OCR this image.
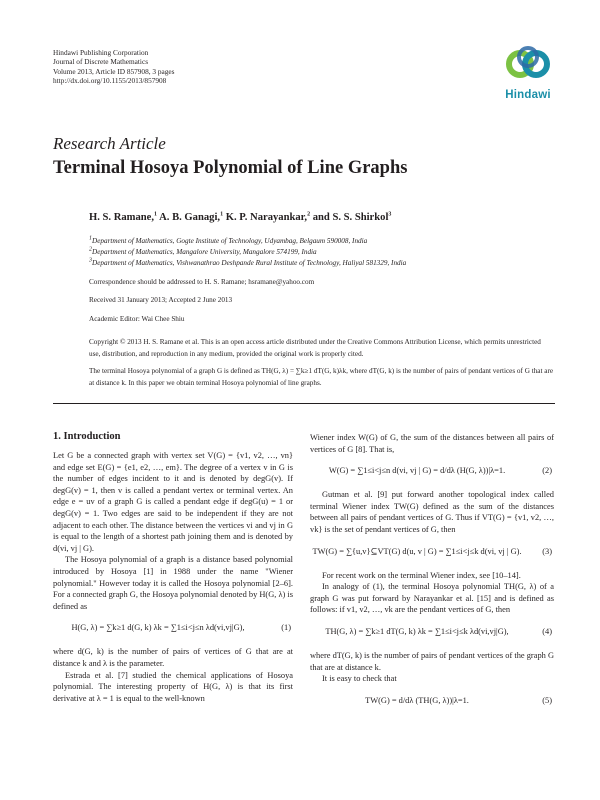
Hindawi Publishing Corporation
Journal of Discrete Mathematics
Volume 2013, Article ID 857908, 3 pages
http://dx.doi.org/10.1155/2013/857908
Hindawi
Research Article
Terminal Hosoya Polynomial of Line Graphs
H. S. Ramane,$^1$ A. B. Ganagi,$^1$ K. P. Narayankar,$^2$ and S. S. Shirkol$^3$
$^1$Department of Mathematics, Gogte Institute of Technology, Udyambag, Belgaum 590008, India
$^2$Department of Mathematics, Mangalore University, Mangalore 574199, India
$^3$Department of Mathematics, Vishwanathrao Deshpande Rural Institute of Technology, Haliyal 581329, India
Correspondence should be addressed to H. S. Ramane; hsramane@yahoo.com
Received 31 January 2013; Accepted 2 June 2013
Academic Editor: Wai Chee Shiu
Copyright © 2013 H. S. Ramane et al. This is an open access article distributed under the Creative Commons Attribution License, which permits unrestricted use, distribution, and reproduction in any medium, provided the original work is properly cited.
The terminal Hosoya polynomial of a graph G is defined as TH(G, λ) = ∑k≥1 dT(G, k)λk, where dT(G, k) is the number of pairs of pendant vertices of G that are at distance k. In this paper we obtain terminal Hosoya polynomial of line graphs.
1. Introduction

Let G be a connected graph with vertex set V(G) = {v1, v2, …, vn} and edge set E(G) = {e1, e2, …, em}. The degree of a vertex v in G is the number of edges incident to it and is denoted by degG(v). If degG(v) = 1, then v is called a pendant vertex or terminal vertex. An edge e = uv of a graph G is called a pendant edge if degG(u) = 1 or degG(v) = 1. Two edges are said to be independent if they are not adjacent to each other. The distance between the vertices vi and vj in G is equal to the length of a shortest path joining them and is denoted by d(vi, vj | G).

The Hosoya polynomial of a graph is a distance based polynomial introduced by Hosoya [1] in 1988 under the name "Wiener polynomial." However today it is called the Hosoya polynomial [2–6]. For a connected graph G, the Hosoya polynomial denoted by H(G, λ) is defined as

H(G, λ) = ∑k≥1 d(G, k) λk = ∑1≤i<j≤n λd(vi,vj|G),	(1)

where d(G, k) is the number of pairs of vertices of G that are at distance k and λ is the parameter.

Estrada et al. [7] studied the chemical applications of Hosoya polynomial. The interesting property of H(G, λ) is that its first derivative at λ = 1 is equal to the well-known

Wiener index W(G) of G, the sum of the distances between all pairs of vertices of G [8]. That is,

W(G) = ∑1≤i<j≤n d(vi, vj | G) = d/dλ (H(G, λ))|λ=1.	(2)

Gutman et al. [9] put forward another topological index called terminal Wiener index TW(G) defined as the sum of the distances between all pairs of pendant vertices of G. Thus if VT(G) = {v1, v2, …, vk} is the set of pendant vertices of G, then

TW(G) = ∑{u,v}⊆VT(G) d(u, v | G) = ∑1≤i<j≤k d(vi, vj | G). (3)

For recent work on the terminal Wiener index, see [10–14].

In analogy of (1), the terminal Hosoya polynomial TH(G, λ) of a graph G was put forward by Narayankar et al. [15] and is defined as follows: if v1, v2, …, vk are the pendant vertices of G, then

TH(G, λ) = ∑k≥1 dT(G, k) λk = ∑1≤i<j≤k λd(vi,vj|G),	(4)

where dT(G, k) is the number of pairs of pendant vertices of the graph G that are at distance k.

It is easy to check that

TW(G) = d/dλ (TH(G, λ))|λ=1.	(5)
